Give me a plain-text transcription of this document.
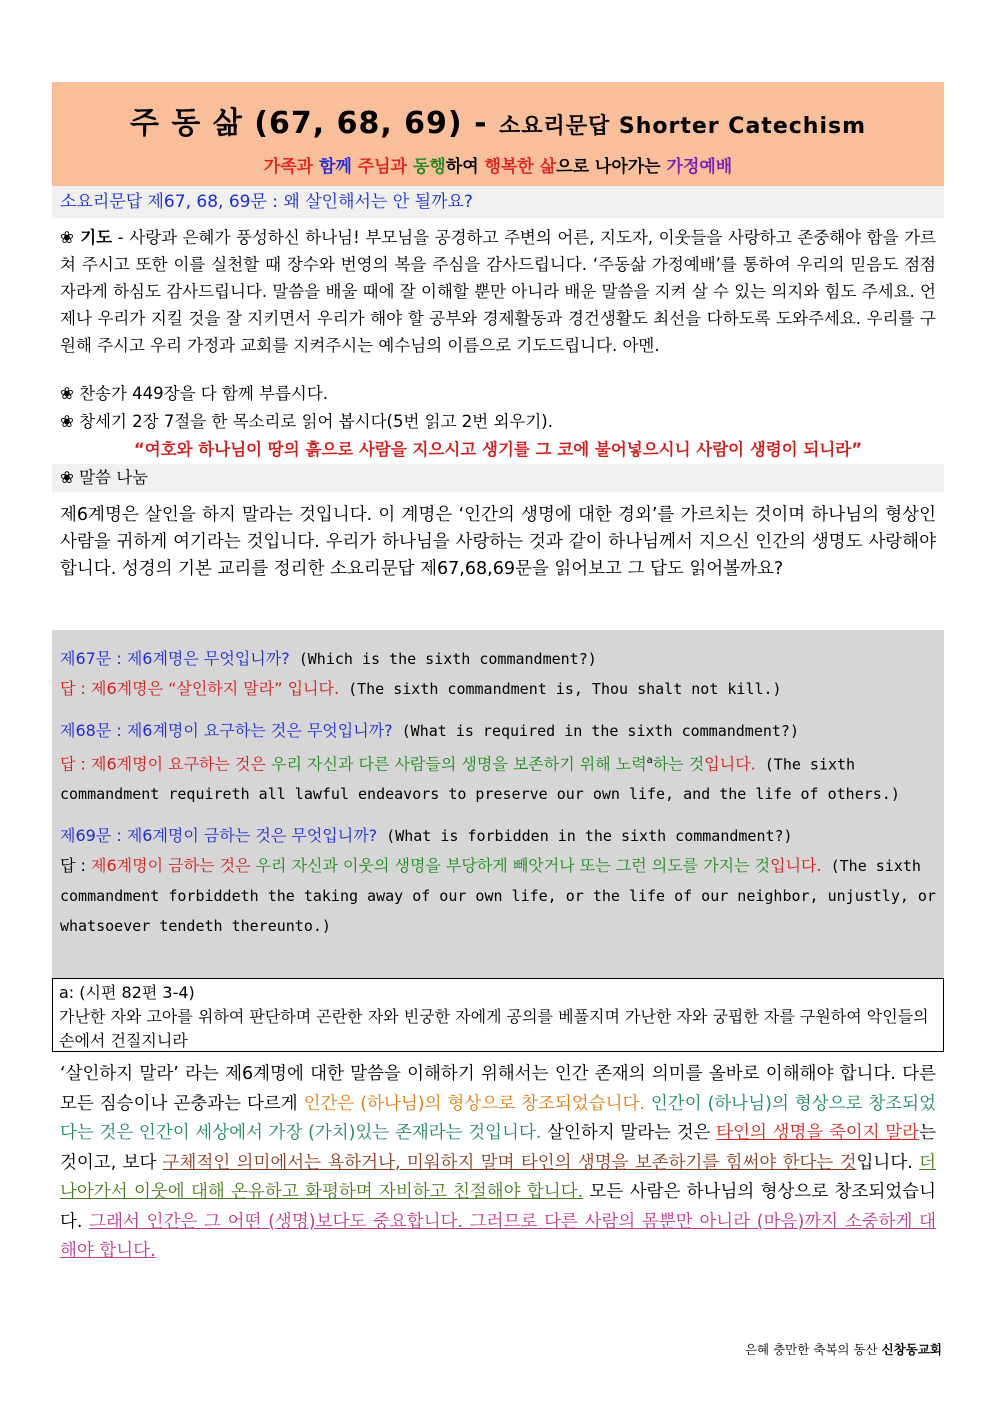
주 동 삶 (67, 68, 69) - 소요리문답 Shorter Catechism
가족과 함께 주님과 동행하여 행복한 삶으로 나아가는 가정예배
소요리문답 제67, 68, 69문 : 왜 살인해서는 안 될까요?
❀ 기도 - 사랑과 은혜가 풍성하신 하나님! 부모님을 공경하고 주변의 어른, 지도자, 이웃들을 사랑하고 존중해야 함을 가르쳐 주시고 또한 이를 실천할 때 장수와 번영의 복을 주심을 감사드립니다. ‘주동삶 가정예배’를 통하여 우리의 믿음도 점점 자라게 하심도 감사드립니다. 말씀을 배울 때에 잘 이해할 뿐만 아니라 배운 말씀을 지켜 살 수 있는 의지와 힘도 주세요. 언제나 우리가 지킬 것을 잘 지키면서 우리가 해야 할 공부와 경제활동과 경건생활도 최선을 다하도록 도와주세요. 우리를 구원해 주시고 우리 가정과 교회를 지켜주시는 예수님의 이름으로 기도드립니다. 아멘.
❀ 찬송가 449장을 다 함께 부릅시다.
❀ 창세기 2장 7절을 한 목소리로 읽어 봅시다(5번 읽고 2번 외우기).
“여호와 하나님이 땅의 흙으로 사람을 지으시고 생기를 그 코에 불어넣으시니 사람이 생령이 되니라”
❀ 말씀 나눔
제6계명은 살인을 하지 말라는 것입니다. 이 계명은 ‘인간의 생명에 대한 경외’를 가르치는 것이며 하나님의 형상인 사람을 귀하게 여기라는 것입니다. 우리가 하나님을 사랑하는 것과 같이 하나님께서 지으신 인간의 생명도 사랑해야 합니다. 성경의 기본 교리를 정리한 소요리문답 제67,68,69문을 읽어보고 그 답도 읽어볼까요?

제67문 : 제6계명은 무엇입니까? (Which is the sixth commandment?)

답 : 제6계명은 “살인하지 말라” 입니다. (The sixth commandment is, Thou shalt not kill.)

제68문 : 제6계명이 요구하는 것은 무엇입니까? (What is required in the sixth commandment?)

답 : 제6계명이 요구하는 것은 우리 자신과 다른 사람들의 생명을 보존하기 위해 노력$^a$하는 것입니다. (The sixth commandment requireth all lawful endeavors to preserve our own life, and the life of others.)

제69문 : 제6계명이 금하는 것은 무엇입니까? (What is forbidden in the sixth commandment?)

답 : 제6계명이 금하는 것은 우리 자신과 이웃의 생명을 부당하게 빼앗거나 또는 그런 의도를 가지는 것입니다. (The sixth commandment forbiddeth the taking away of our own life, or the life of our neighbor, unjustly, or whatsoever tendeth thereunto.)

a: (시편 82편 3-4)
가난한 자와 고아를 위하여 판단하며 곤란한 자와 빈궁한 자에게 공의를 베풀지며 가난한 자와 궁핍한 자를 구원하여 악인들의 손에서 건질지니라
‘살인하지 말라’ 라는 제6계명에 대한 말씀을 이해하기 위해서는 인간 존재의 의미를 올바로 이해해야 합니다. 다른 모든 짐승이나 곤충과는 다르게 인간은 (하나님)의 형상으로 창조되었습니다. 인간이 (하나님)의 형상으로 창조되었다는 것은 인간이 세상에서 가장 (가치)있는 존재라는 것입니다. 살인하지 말라는 것은 타인의 생명을 죽이지 말라는 것이고, 보다 구체적인 의미에서는 욕하거나, 미워하지 말며 타인의 생명을 보존하기를 힘써야 한다는 것입니다. 더 나아가서 이웃에 대해 온유하고 화평하며 자비하고 친절해야 합니다. 모든 사람은 하나님의 형상으로 창조되었습니다. 그래서 인간은 그 어떤 (생명)보다도 중요합니다. 그러므로 다른 사람의 몸뿐만 아니라 (마음)까지 소중하게 대해야 합니다.
은혜 충만한 축복의 동산 신창동교회
